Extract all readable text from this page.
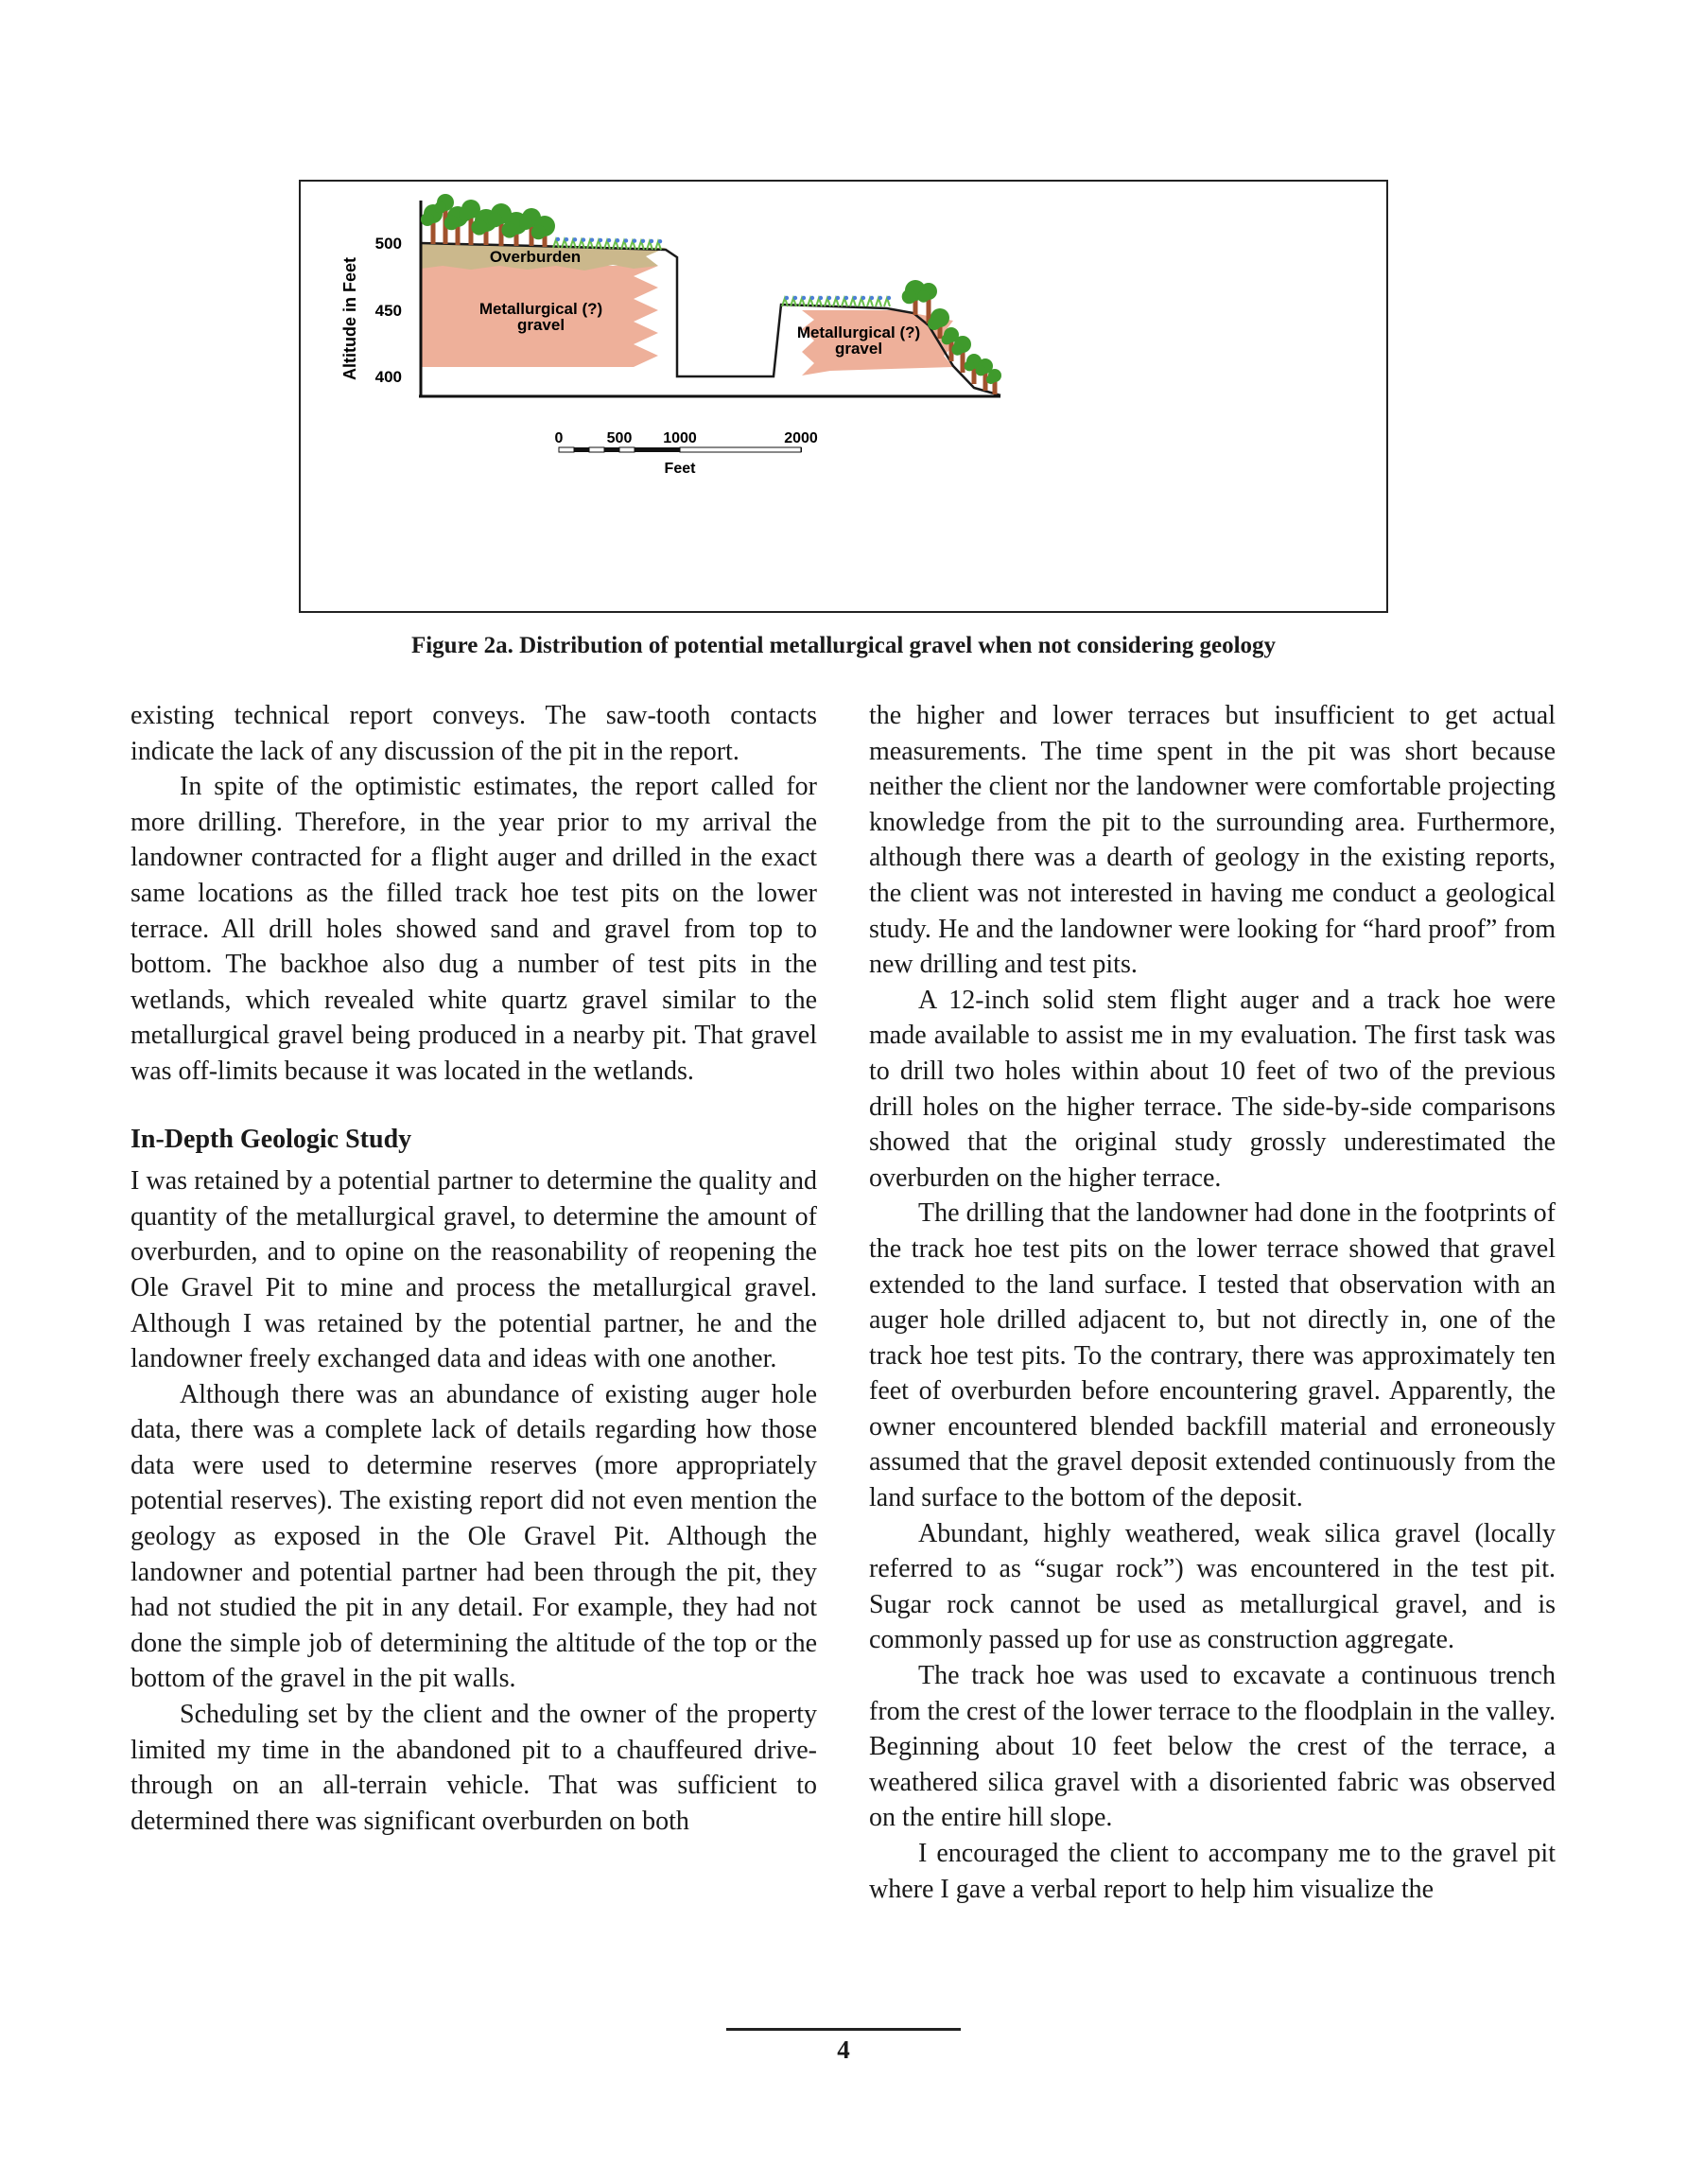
500
450
400
Altitude in Feet
Overburden
Metallurgical (?)
gravel	Metallurgical (?)
gravel
0	500 1000	2000
Feet
Figure 2a. Distribution of potential metallurgical gravel when not considering geology

existing technical report conveys. The saw-tooth contacts indicate the lack of any discussion of the pit in the report.

In spite of the optimistic estimates, the report called for more drilling. Therefore, in the year prior to my arrival the landowner contracted for a flight auger and drilled in the exact same locations as the filled track hoe test pits on the lower terrace. All drill holes showed sand and gravel from top to bottom. The backhoe also dug a number of test pits in the wetlands, which revealed white quartz gravel similar to the metallurgical gravel being produced in a nearby pit. That gravel was off-limits because it was located in the wetlands.

In-Depth Geologic Study

I was retained by a potential partner to determine the quality and quantity of the metallurgical gravel, to determine the amount of overburden, and to opine on the reasonability of reopening the Ole Gravel Pit to mine and process the metallurgical gravel. Although I was retained by the potential partner, he and the landowner freely exchanged data and ideas with one another.

Although there was an abundance of existing auger hole data, there was a complete lack of details regarding how those data were used to determine reserves (more appropriately potential reserves). The existing report did not even mention the geology as exposed in the Ole Gravel Pit. Although the landowner and potential partner had been through the pit, they had not studied the pit in any detail. For example, they had not done the simple job of determining the altitude of the top or the bottom of the gravel in the pit walls.

Scheduling set by the client and the owner of the property limited my time in the abandoned pit to a chauffeured drive-through on an all-terrain vehicle. That was sufficient to determined there was significant overburden on both

the higher and lower terraces but insufficient to get actual measurements. The time spent in the pit was short because neither the client nor the landowner were comfortable projecting knowledge from the pit to the surrounding area. Furthermore, although there was a dearth of geology in the existing reports, the client was not interested in having me conduct a geological study. He and the landowner were looking for “hard proof” from new drilling and test pits.

A 12-inch solid stem flight auger and a track hoe were made available to assist me in my evaluation. The first task was to drill two holes within about 10 feet of two of the previous drill holes on the higher terrace. The side-by-side comparisons showed that the original study grossly underestimated the overburden on the higher terrace.

The drilling that the landowner had done in the footprints of the track hoe test pits on the lower terrace showed that gravel extended to the land surface. I tested that observation with an auger hole drilled adjacent to, but not directly in, one of the track hoe test pits. To the contrary, there was approximately ten feet of overburden before encountering gravel. Apparently, the owner encountered blended backfill material and erroneously assumed that the gravel deposit extended continuously from the land surface to the bottom of the deposit.

Abundant, highly weathered, weak silica gravel (locally referred to as “sugar rock”) was encountered in the test pit. Sugar rock cannot be used as metallurgical gravel, and is commonly passed up for use as construction aggregate.

The track hoe was used to excavate a continuous trench from the crest of the lower terrace to the floodplain in the valley. Beginning about 10 feet below the crest of the terrace, a weathered silica gravel with a disoriented fabric was observed on the entire hill slope.

I encouraged the client to accompany me to the gravel pit where I gave a verbal report to help him visualize the

4
